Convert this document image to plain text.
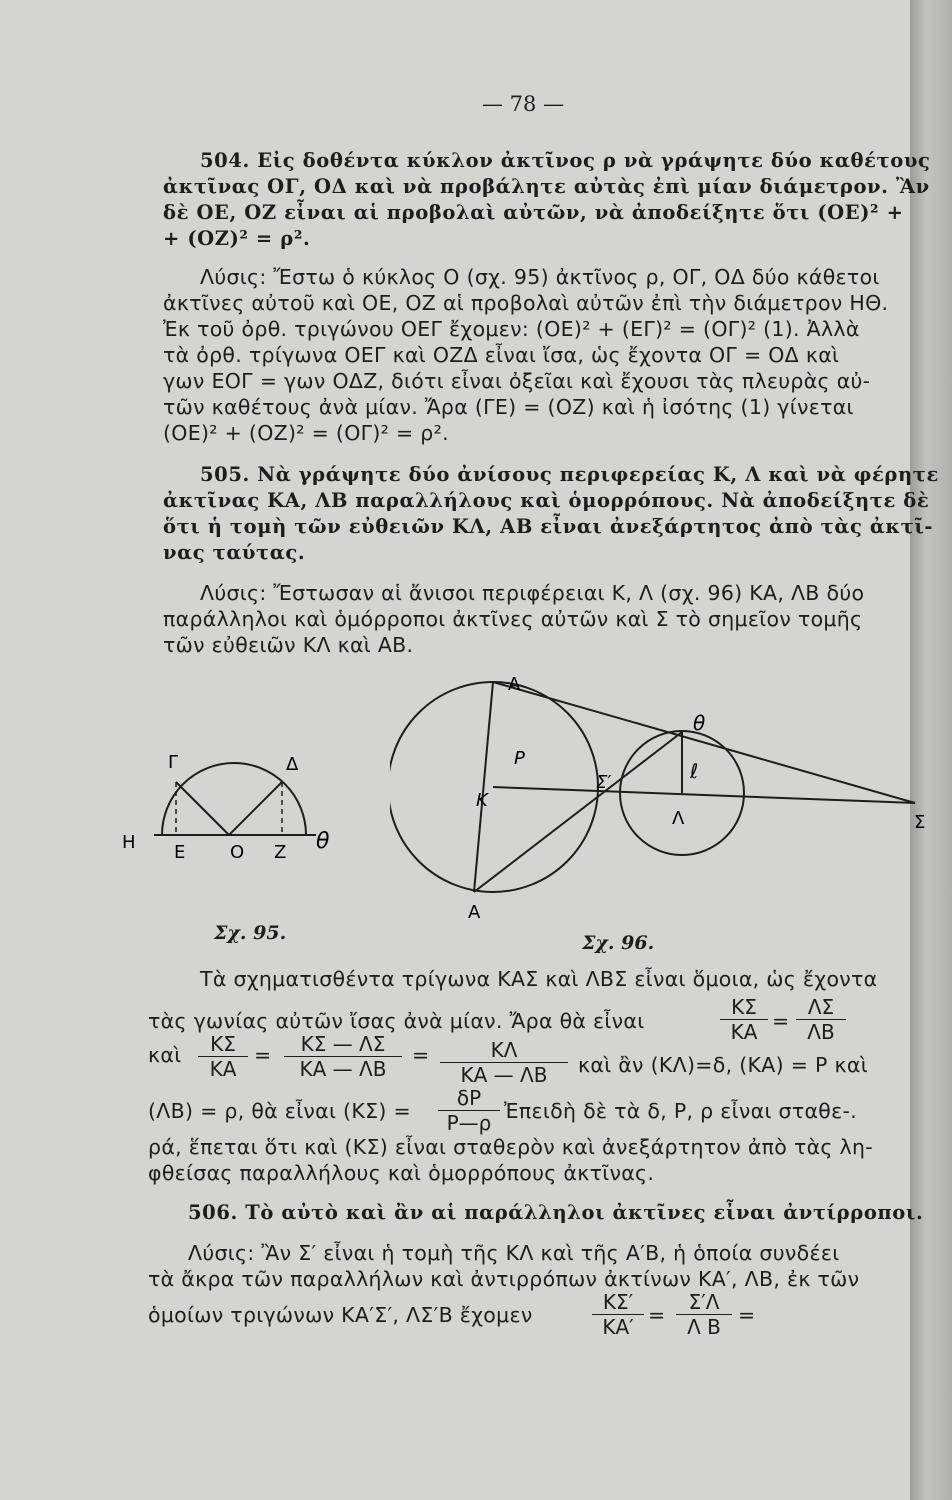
— 78 —
504. Εἰς δοθέντα κύκλον ἀκτῖνος ρ νὰ γράψητε δύο καθέτους
ἀκτῖνας ΟΓ, ΟΔ καὶ νὰ προβάλητε αὐτὰς ἐπὶ μίαν διάμετρον. Ἂν
δὲ ΟΕ, ΟΖ εἶναι αἱ προβολαὶ αὐτῶν, νὰ ἀποδείξητε ὅτι (ΟΕ)² +
+ (ΟΖ)² = ρ².
Λύσις: Ἔστω ὁ κύκλος Ο (σχ. 95) ἀκτῖνος ρ, ΟΓ, ΟΔ δύο κάθετοι
ἀκτῖνες αὐτοῦ καὶ ΟΕ, ΟΖ αἱ προβολαὶ αὐτῶν ἐπὶ τὴν διάμετρον ΗΘ.
Ἐκ τοῦ ὀρθ. τριγώνου ΟΕΓ ἔχομεν: (ΟΕ)² + (ΕΓ)² = (ΟΓ)² (1). Ἀλλὰ
τὰ ὀρθ. τρίγωνα ΟΕΓ καὶ ΟΖΔ εἶναι ἴσα, ὡς ἔχοντα ΟΓ = ΟΔ καὶ
γων ΕΟΓ = γων ΟΔΖ, διότι εἶναι ὀξεῖαι καὶ ἔχουσι τὰς πλευρὰς αὐ-
τῶν καθέτους ἀνὰ μίαν. Ἄρα (ΓΕ) = (ΟΖ) καὶ ἡ ἰσότης (1) γίνεται
(ΟΕ)² + (ΟΖ)² = (ΟΓ)² = ρ².
505. Νὰ γράψητε δύο ἀνίσους περιφερείας Κ, Λ καὶ νὰ φέρητε
ἀκτῖνας ΚΑ, ΛΒ παραλλήλους καὶ ὁμορρόπους. Νὰ ἀποδείξητε δὲ
ὅτι ἡ τομὴ τῶν εὐθειῶν ΚΛ, ΑΒ εἶναι ἀνεξάρτητος ἀπὸ τὰς ἀκτῖ-
νας ταύτας.
Λύσις: Ἔστωσαν αἱ ἄνισοι περιφέρειαι Κ, Λ (σχ. 96) ΚΑ, ΛΒ δύο
παράλληλοι καὶ ὁμόρροποι ἀκτῖνες αὐτῶν καὶ Σ τὸ σημεῖον τομῆς
τῶν εὐθειῶν ΚΛ καὶ ΑΒ.
Γ	Δ
Η Ε Ο Ζ θ
Σχ. 95.
Α
Ρ
Κ
Α
Σ′
θ
ℓ
Λ	Σ
Σχ. 96.
Τὰ σχηματισθέντα τρίγωνα ΚΑΣ καὶ ΛΒΣ εἶναι ὅμοια, ὡς ἔχοντα
τὰς γωνίας αὐτῶν ἴσας ἀνὰ μίαν. Ἄρα θὰ εἶναι	$\frac{K\Sigma}{KA} = \frac{\Lambda\Sigma}{\Lambda B}$
καὶ $\frac{K\Sigma}{KA} = \frac{K\Sigma — \Lambda\Sigma}{KA — \Lambda B} = \frac{K\Lambda}{KA — \Lambda B}$ καὶ ἂν (ΚΛ)=δ, (ΚΑ) = Ρ καὶ
(ΛΒ) = ρ, θὰ εἶναι $(K\Sigma) = \frac{\delta P}{P—\rho}$ Ἐπειδὴ δὲ τὰ δ, Ρ, ρ εἶναι σταθε-.
ρά, ἕπεται ὅτι καὶ (ΚΣ) εἶναι σταθερὸν καὶ ἀνεξάρτητον ἀπὸ τὰς λη-
φθείσας παραλλήλους καὶ ὁμορρόπους ἀκτῖνας.
506. Τὸ αὐτὸ καὶ ἂν αἱ παράλληλοι ἀκτῖνες εἶναι ἀντίρροποι.
Λύσις: Ἂν Σ′ εἶναι ἡ τομὴ τῆς ΚΛ καὶ τῆς Α′Β, ἡ ὁποία συνδέει
τὰ ἄκρα τῶν παραλλήλων καὶ ἀντιρρόπων ἀκτίνων ΚΑ′, ΛΒ, ἐκ τῶν
ὁμοίων τριγώνων ΚΑ′Σ′, ΛΣ′Β ἔχομεν	$\frac{K\Sigma'}{KA'} = \frac{\Sigma'\Lambda}{\text{Λ Β}}$ =
